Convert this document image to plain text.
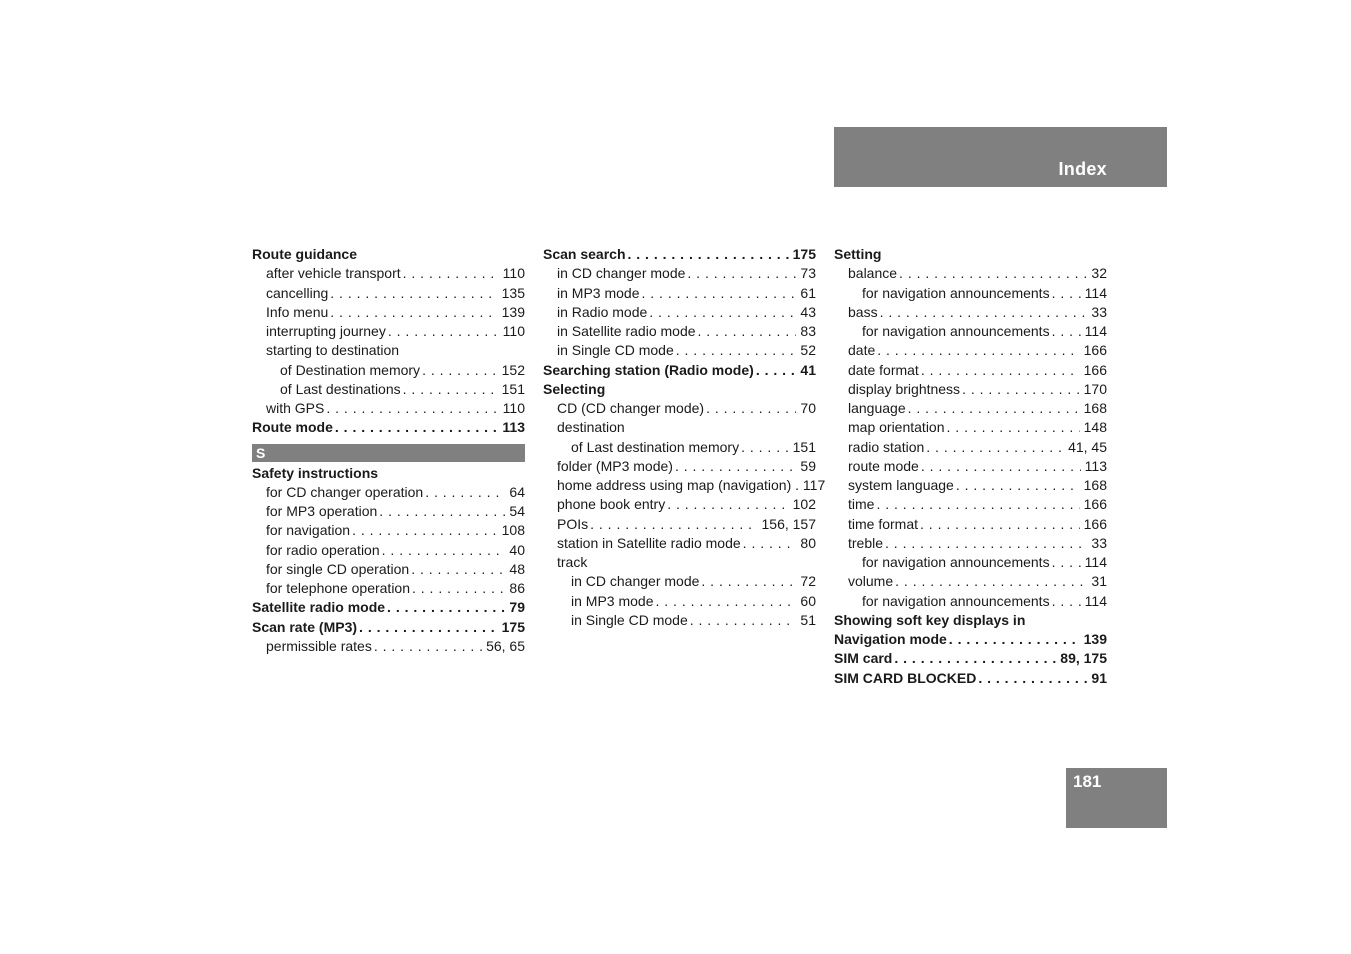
Index
Route guidance
after vehicle transport . . .	110
cancelling . . .	135
Info menu . . .	139
interrupting journey . . .	110
starting to destination
of Destination memory . . .	152
of Last destinations . . .	151
with GPS . . .	110
Route mode . . .	113
S
Safety instructions
for CD changer operation . . .	64
for MP3 operation . . .	54
for navigation . . .	108
for radio operation . . .	40
for single CD operation . . .	48
for telephone operation . . .	86
Satellite radio mode . . .	79
Scan rate (MP3) . . .	175
permissible rates . . .	56, 65
Scan search . . .	175
in CD changer mode . . .	73
in MP3 mode . . .	61
in Radio mode . . .	43
in Satellite radio mode . . .	83
in Single CD mode . . .	52
Searching station (Radio mode) . . .	41
Selecting
CD (CD changer mode) . . .	70
destination
of Last destination memory . . .	151
folder (MP3 mode) . . .	59
home address using map (navigation) . 117
phone book entry . . .	102
POIs . . .	156, 157
station in Satellite radio mode . . .	80
track
in CD changer mode . . .	72
in MP3 mode . . .	60
in Single CD mode . . .	51
Setting
balance . . .	32
for navigation announcements . . .	114
bass . . .	33
for navigation announcements . . .	114
date . . .	166
date format . . .	166
display brightness . . .	170
language . . .	168
map orientation . . .	148
radio station . . .	41, 45
route mode . . .	113
system language . . .	168
time . . .	166
time format . . .	166
treble . . .	33
for navigation announcements . . .	114
volume . . .	31
for navigation announcements . . .	114
Showing soft key displays in
Navigation mode . . .	139
SIM card . . .	89, 175
SIM CARD BLOCKED . . .	91
181
